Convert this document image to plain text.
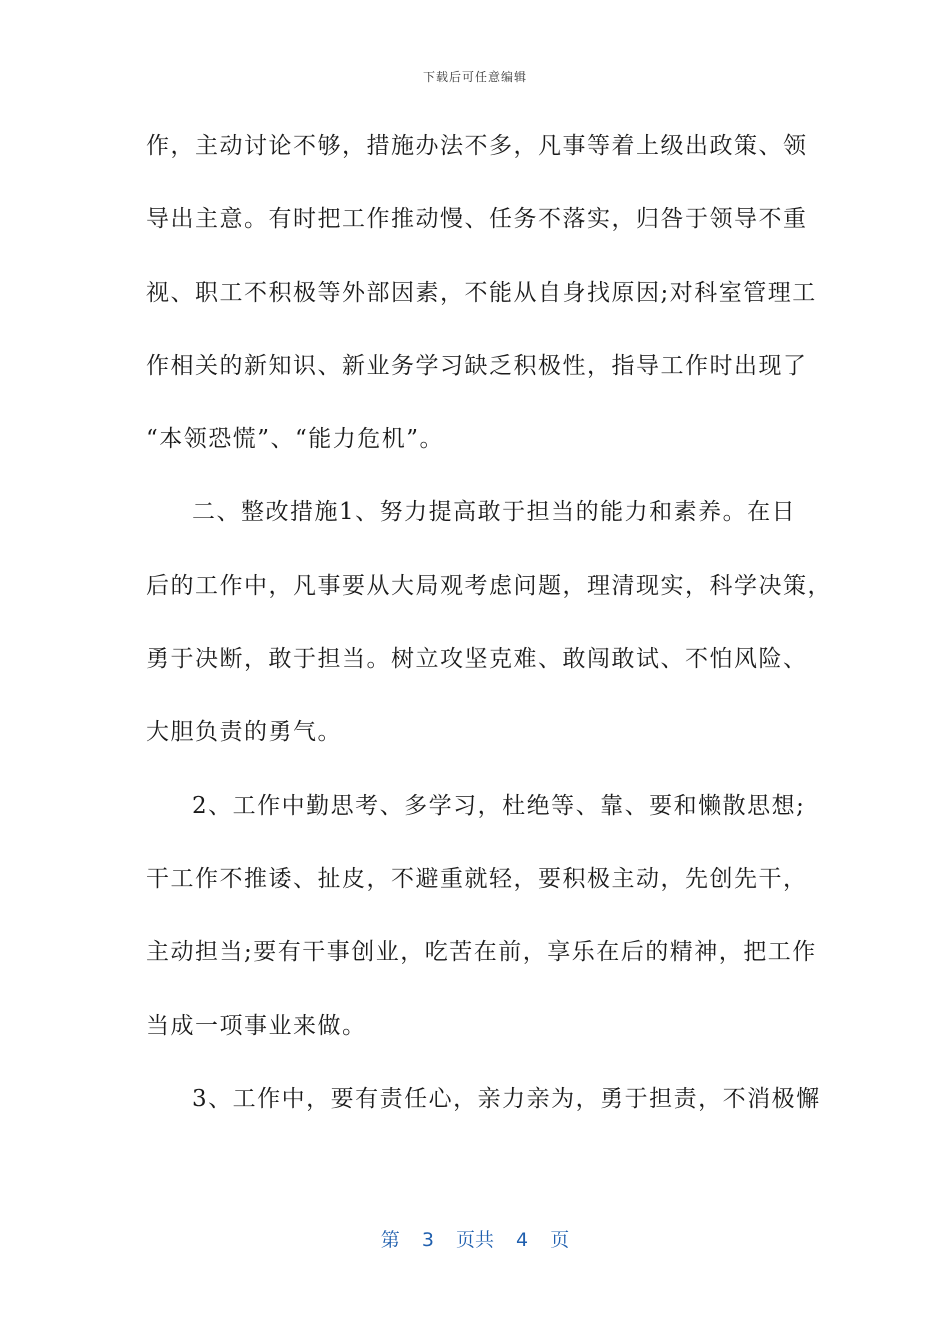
下载后可任意编辑
作，主动讨论不够，措施办法不多，凡事等着上级出政策、领
导出主意。有时把工作推动慢、任务不落实，归咎于领导不重
视、职工不积极等外部因素，不能从自身找原因;对科室管理工
作相关的新知识、新业务学习缺乏积极性，指导工作时出现了
“本领恐慌”、“能力危机”。
二、整改措施1、努力提高敢于担当的能力和素养。在日
后的工作中，凡事要从大局观考虑问题，理清现实，科学决策，
勇于决断，敢于担当。树立攻坚克难、敢闯敢试、不怕风险、
大胆负责的勇气。
2、工作中勤思考、多学习，杜绝等、靠、要和懒散思想;
干工作不推诿、扯皮，不避重就轻，要积极主动，先创先干，
主动担当;要有干事创业，吃苦在前，享乐在后的精神，把工作
当成一项事业来做。
3、工作中，要有责任心，亲力亲为，勇于担责，不消极懈
第 3 页共 4 页
